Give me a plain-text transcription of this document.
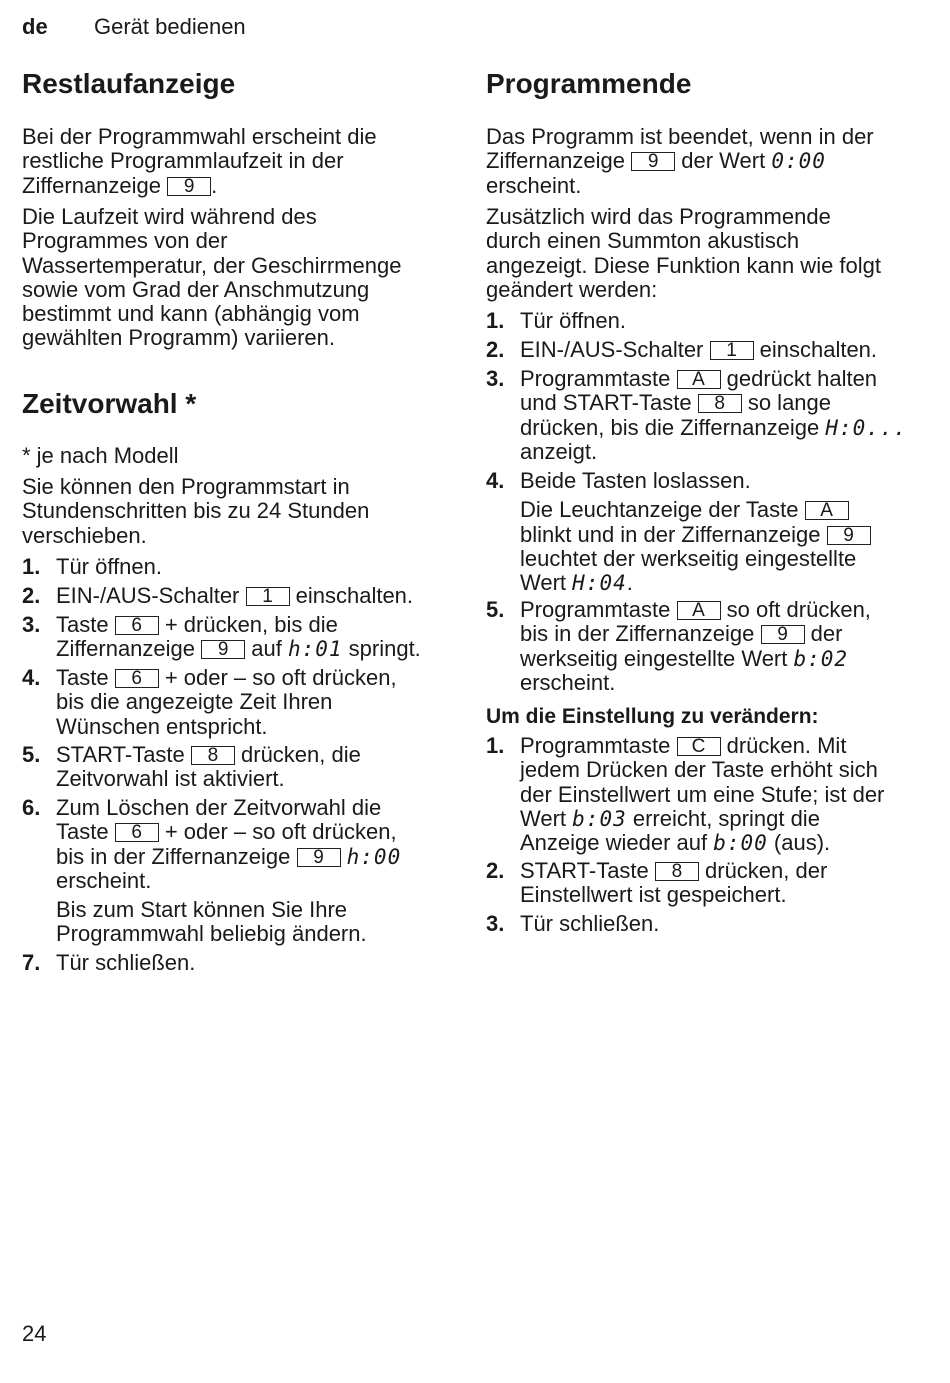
de Gerät bedienen
Restlaufanzeige

Bei der Programmwahl erscheint die
restliche Programmlaufzeit in der
Ziffernanzeige 9 .

Die Laufzeit wird während des
Programmes von der
Wassertemperatur, der Geschirrmenge
sowie vom Grad der Anschmutzung
bestimmt und kann (abhängig vom
gewählten Programm) variieren.

Zeitvorwahl *

* je nach Modell

Sie können den Programmstart in
Stundenschritten bis zu 24 Stunden
verschieben.

1. Tür öffnen.
2. EIN-/AUS-Schalter 1 einschalten.
3. Taste 6 + drücken, bis die
Ziffernanzeige 9 auf h:01 springt.
4. Taste 6 + oder – so oft drücken,
bis die angezeigte Zeit Ihren
Wünschen entspricht.
5. START-Taste 8 drücken, die
Zeitvorwahl ist aktiviert.
6. Zum Löschen der Zeitvorwahl die
Taste 6 + oder – so oft drücken,
bis in der Ziffernanzeige 9 h:00
erscheint.
Bis zum Start können Sie Ihre
Programmwahl beliebig ändern.
7. Tür schließen.
Programmende

Das Programm ist beendet, wenn in der
Ziffernanzeige 9 der Wert 0:00
erscheint.

Zusätzlich wird das Programmende
durch einen Summton akustisch
angezeigt. Diese Funktion kann wie folgt
geändert werden:

1. Tür öffnen.
2. EIN-/AUS-Schalter 1 einschalten.
3. Programmtaste A gedrückt halten
und START-Taste 8 so lange
drücken, bis die Ziffernanzeige H:0...
anzeigt.
4. Beide Tasten loslassen.
Die Leuchtanzeige der Taste A
blinkt und in der Ziffernanzeige 9
leuchtet der werkseitig eingestellte
Wert H:04.
5. Programmtaste A so oft drücken,
bis in der Ziffernanzeige 9 der
werkseitig eingestellte Wert b:02
erscheint.

Um die Einstellung zu verändern:

1. Programmtaste C drücken. Mit
jedem Drücken der Taste erhöht sich
der Einstellwert um eine Stufe; ist der
Wert b:03 erreicht, springt die
Anzeige wieder auf b:00 (aus).
2. START-Taste 8 drücken, der
Einstellwert ist gespeichert.
3. Tür schließen.
24
